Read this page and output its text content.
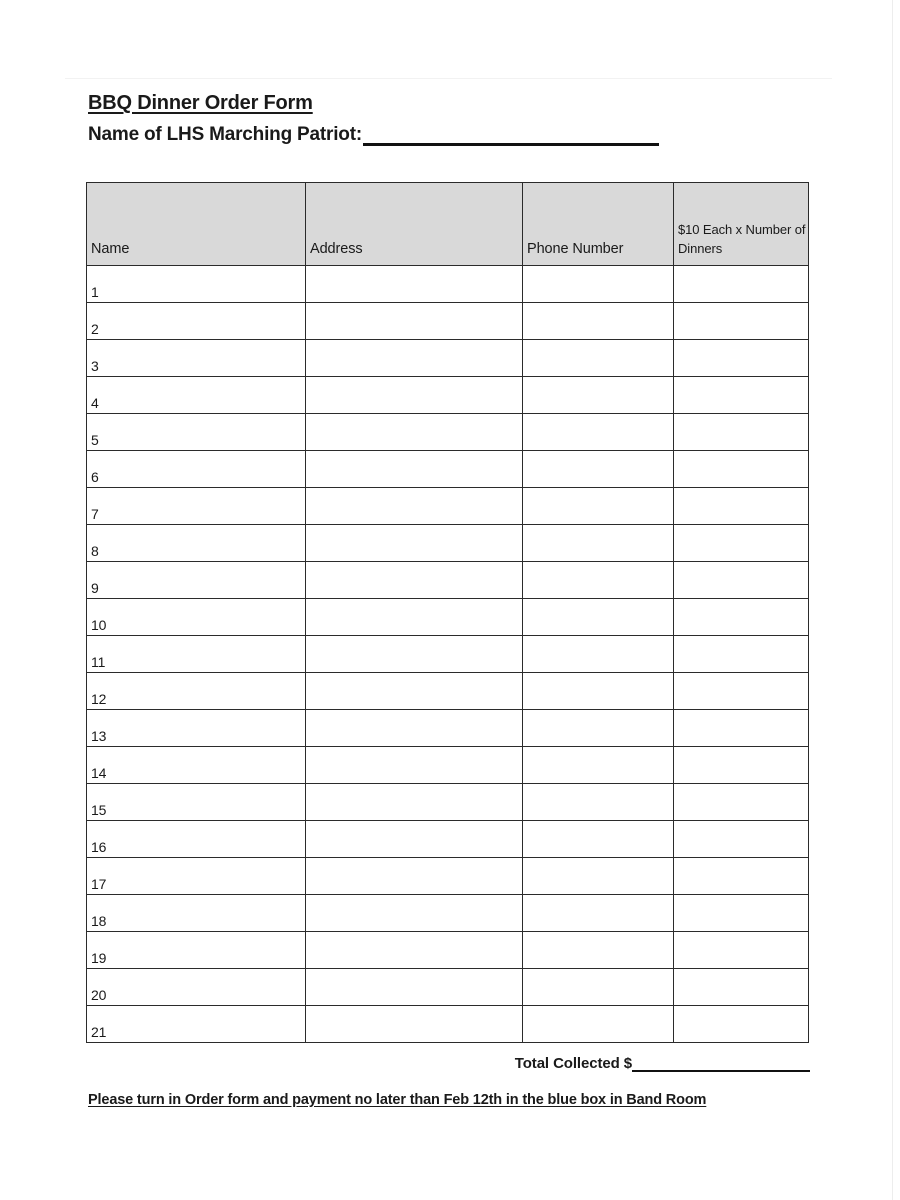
BBQ Dinner Order Form
Name of LHS Marching Patriot:
Name	Address	Phone Number	$10 Each x Number of
Dinners

1			
2			
3			
4			
5			
6			
7			
8			
9			
10			
11			
12			
13			
14			
15			
16			
17			
18			
19			
20			
21			
Total Collected $
Please turn in Order form and payment no later than Feb 12th in the blue box in Band Room
